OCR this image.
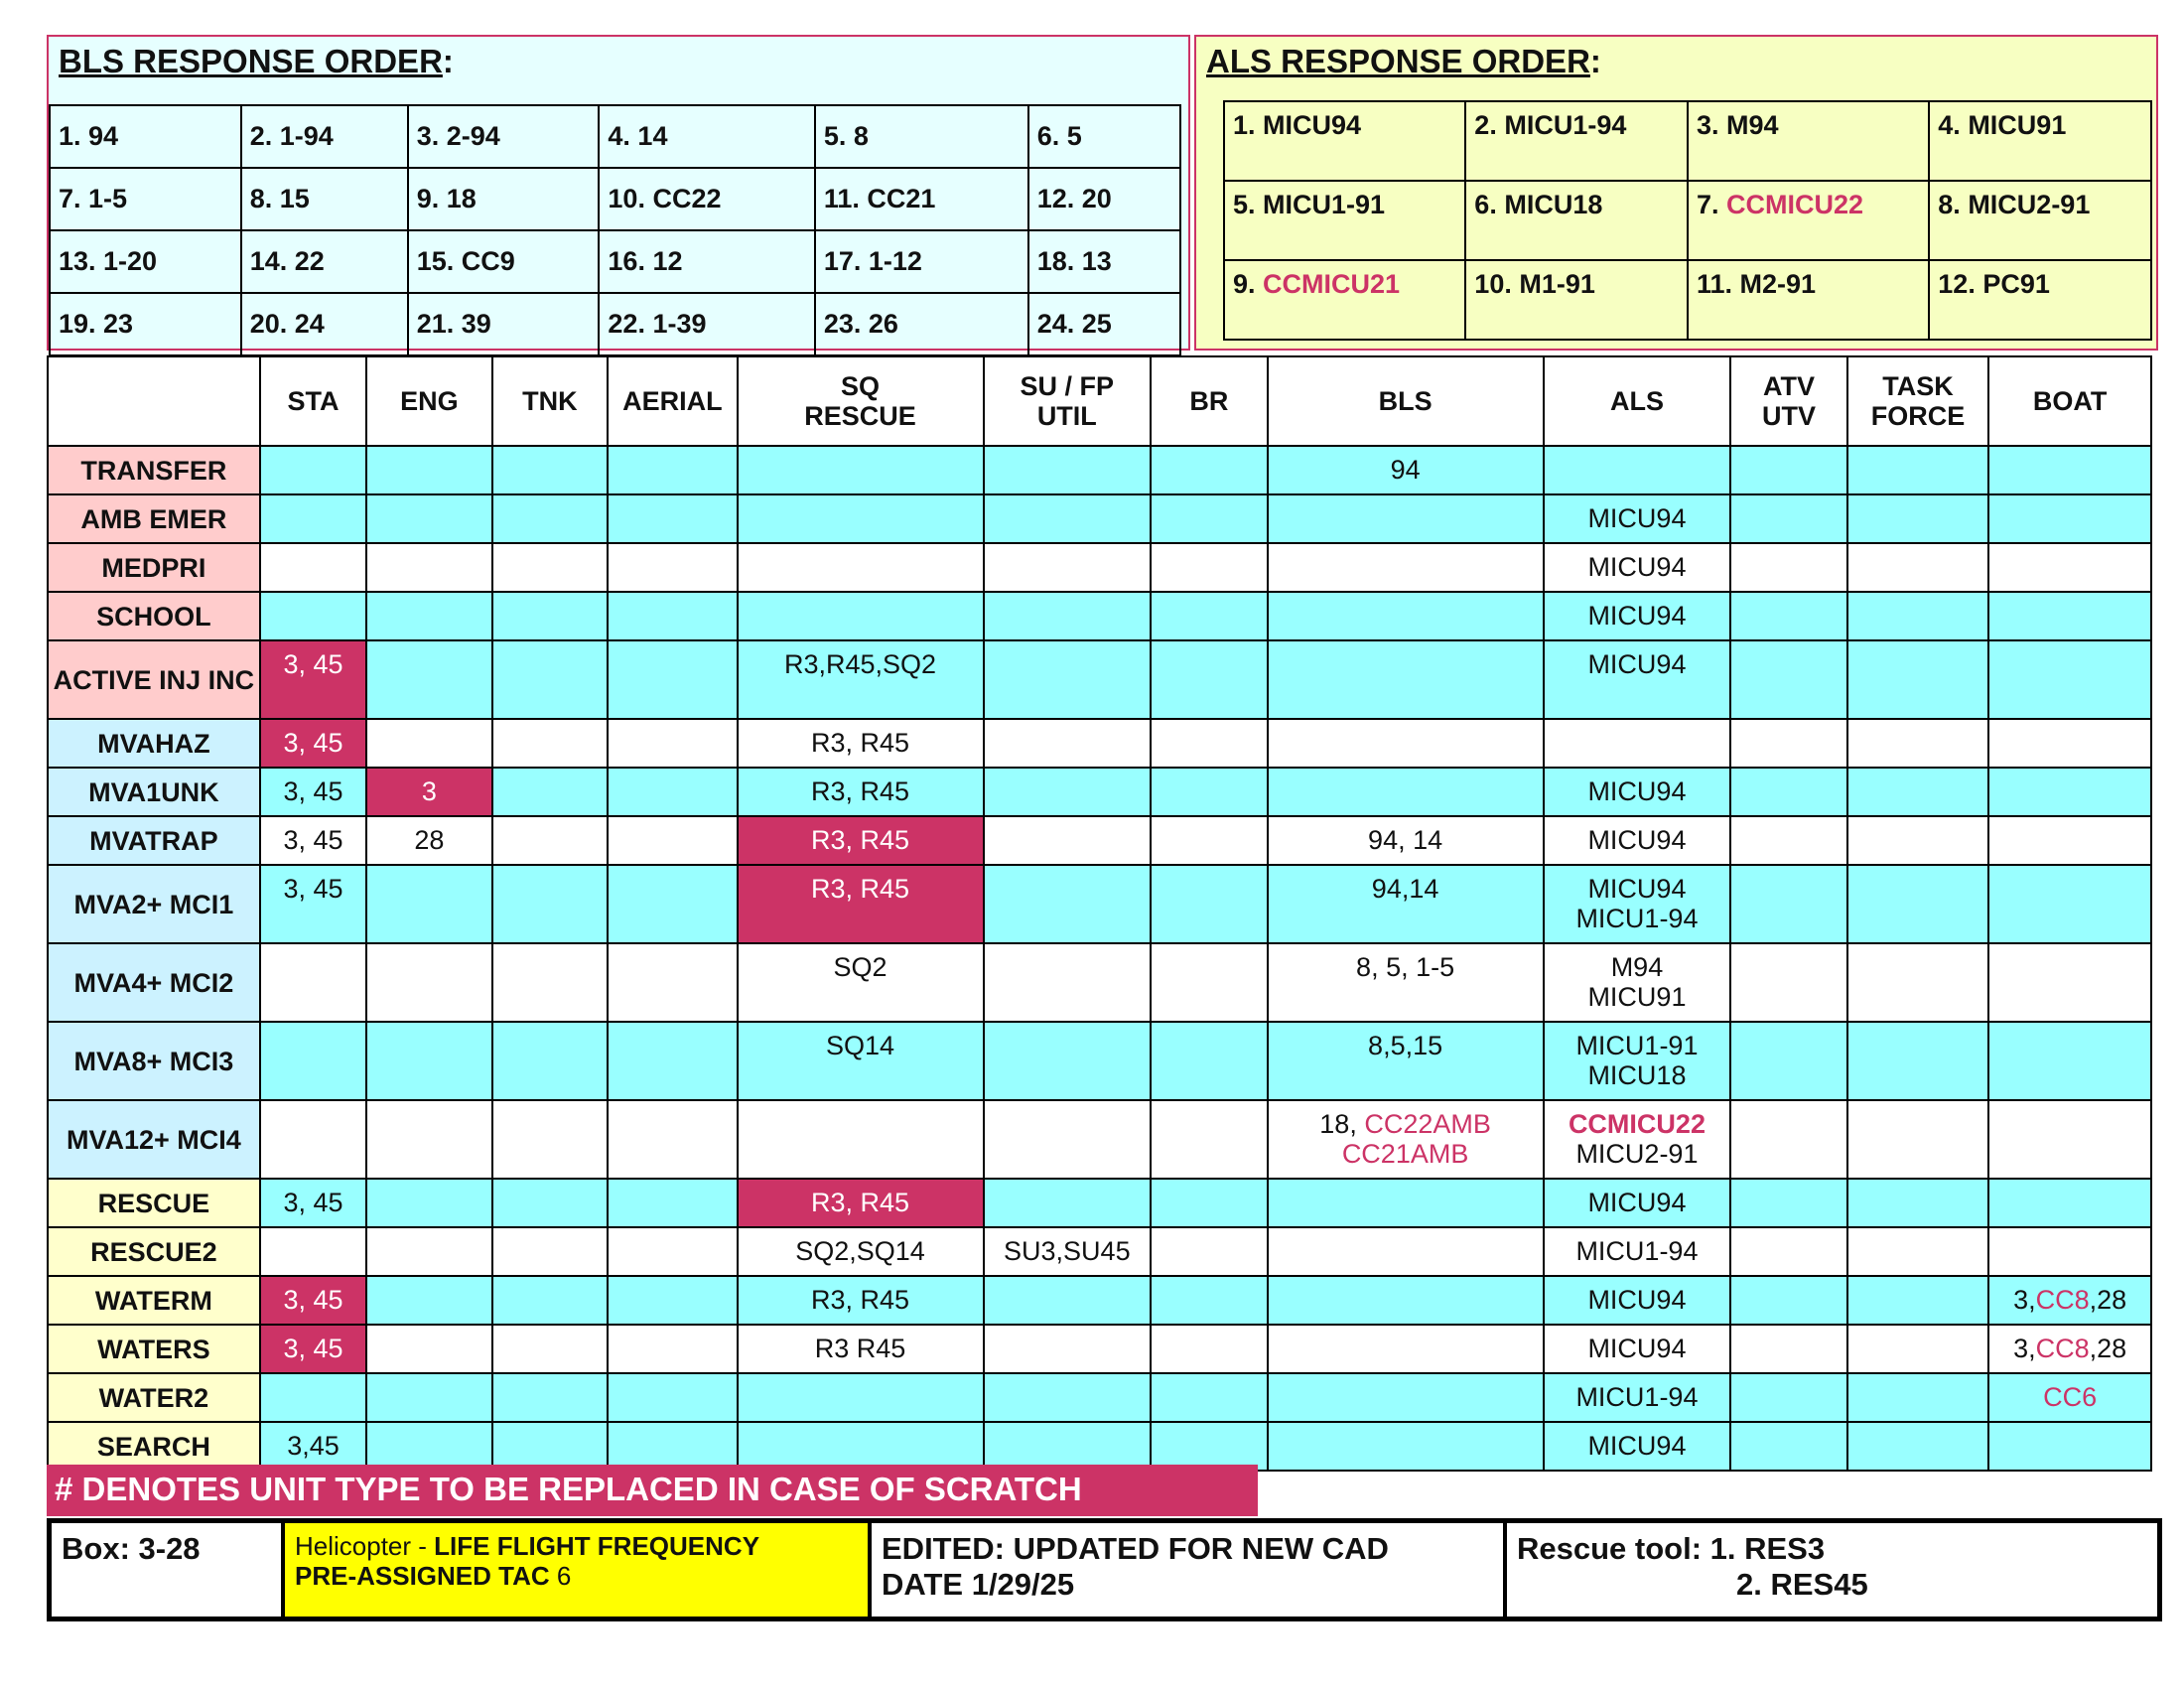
BLS RESPONSE ORDER:
1. 94	2. 1-94	3. 2-94	4. 14	5. 8	6. 5
7. 1-5	8. 15	9. 18	10. CC22	11. CC21	12. 20
13. 1-20	14. 22	15. CC9	16. 12	17. 1-12	18. 13
19. 23	20. 24	21. 39	22. 1-39	23. 26	24. 25
ALS RESPONSE ORDER:
1. MICU94	2. MICU1-94	3. M94	4. MICU91
5. MICU1-91	6. MICU18	7. CCMICU22	8. MICU2-91
9. CCMICU21	10. M1-91	11. M2-91	12. PC91
	STA	ENG	TNK	AERIAL	SQ
RESCUE	SU / FP
UTIL	BR	BLS	ALS	ATV
UTV	TASK
FORCE	BOAT
TRANSFER								94				
AMB EMER									MICU94			
MEDPRI									MICU94			
SCHOOL									MICU94			
ACTIVE INJ INC	3, 45				R3,R45,SQ2				MICU94			
MVAHAZ	3, 45				R3, R45							
MVA1UNK	3, 45	3			R3, R45				MICU94			
MVATRAP	3, 45	28			R3, R45			94, 14	MICU94			
MVA2+ MCI1	3, 45				R3, R45			94,14	MICU94
MICU1-94			
MVA4+ MCI2					SQ2			8, 5, 1-5	M94
MICU91			
MVA8+ MCI3					SQ14			8,5,15	MICU1-91
MICU18			
MVA12+ MCI4								18, CC22AMB
CC21AMB	CCMICU22
MICU2-91			
RESCUE	3, 45				R3, R45				MICU94			
RESCUE2					SQ2,SQ14	SU3,SU45			MICU1-94			
WATERM	3, 45				R3, R45				MICU94			3,CC8,28
WATERS	3, 45				R3 R45				MICU94			3,CC8,28
WATER2									MICU1-94			CC6
SEARCH	3,45								MICU94			
# DENOTES UNIT TYPE TO BE REPLACED IN CASE OF SCRATCH
Box: 3-28	Helicopter - LIFE FLIGHT FREQUENCY
PRE-ASSIGNED TAC 6
EDITED: UPDATED FOR NEW CAD
DATE 1/29/25
Rescue tool: 1. RES3
2. RES45
